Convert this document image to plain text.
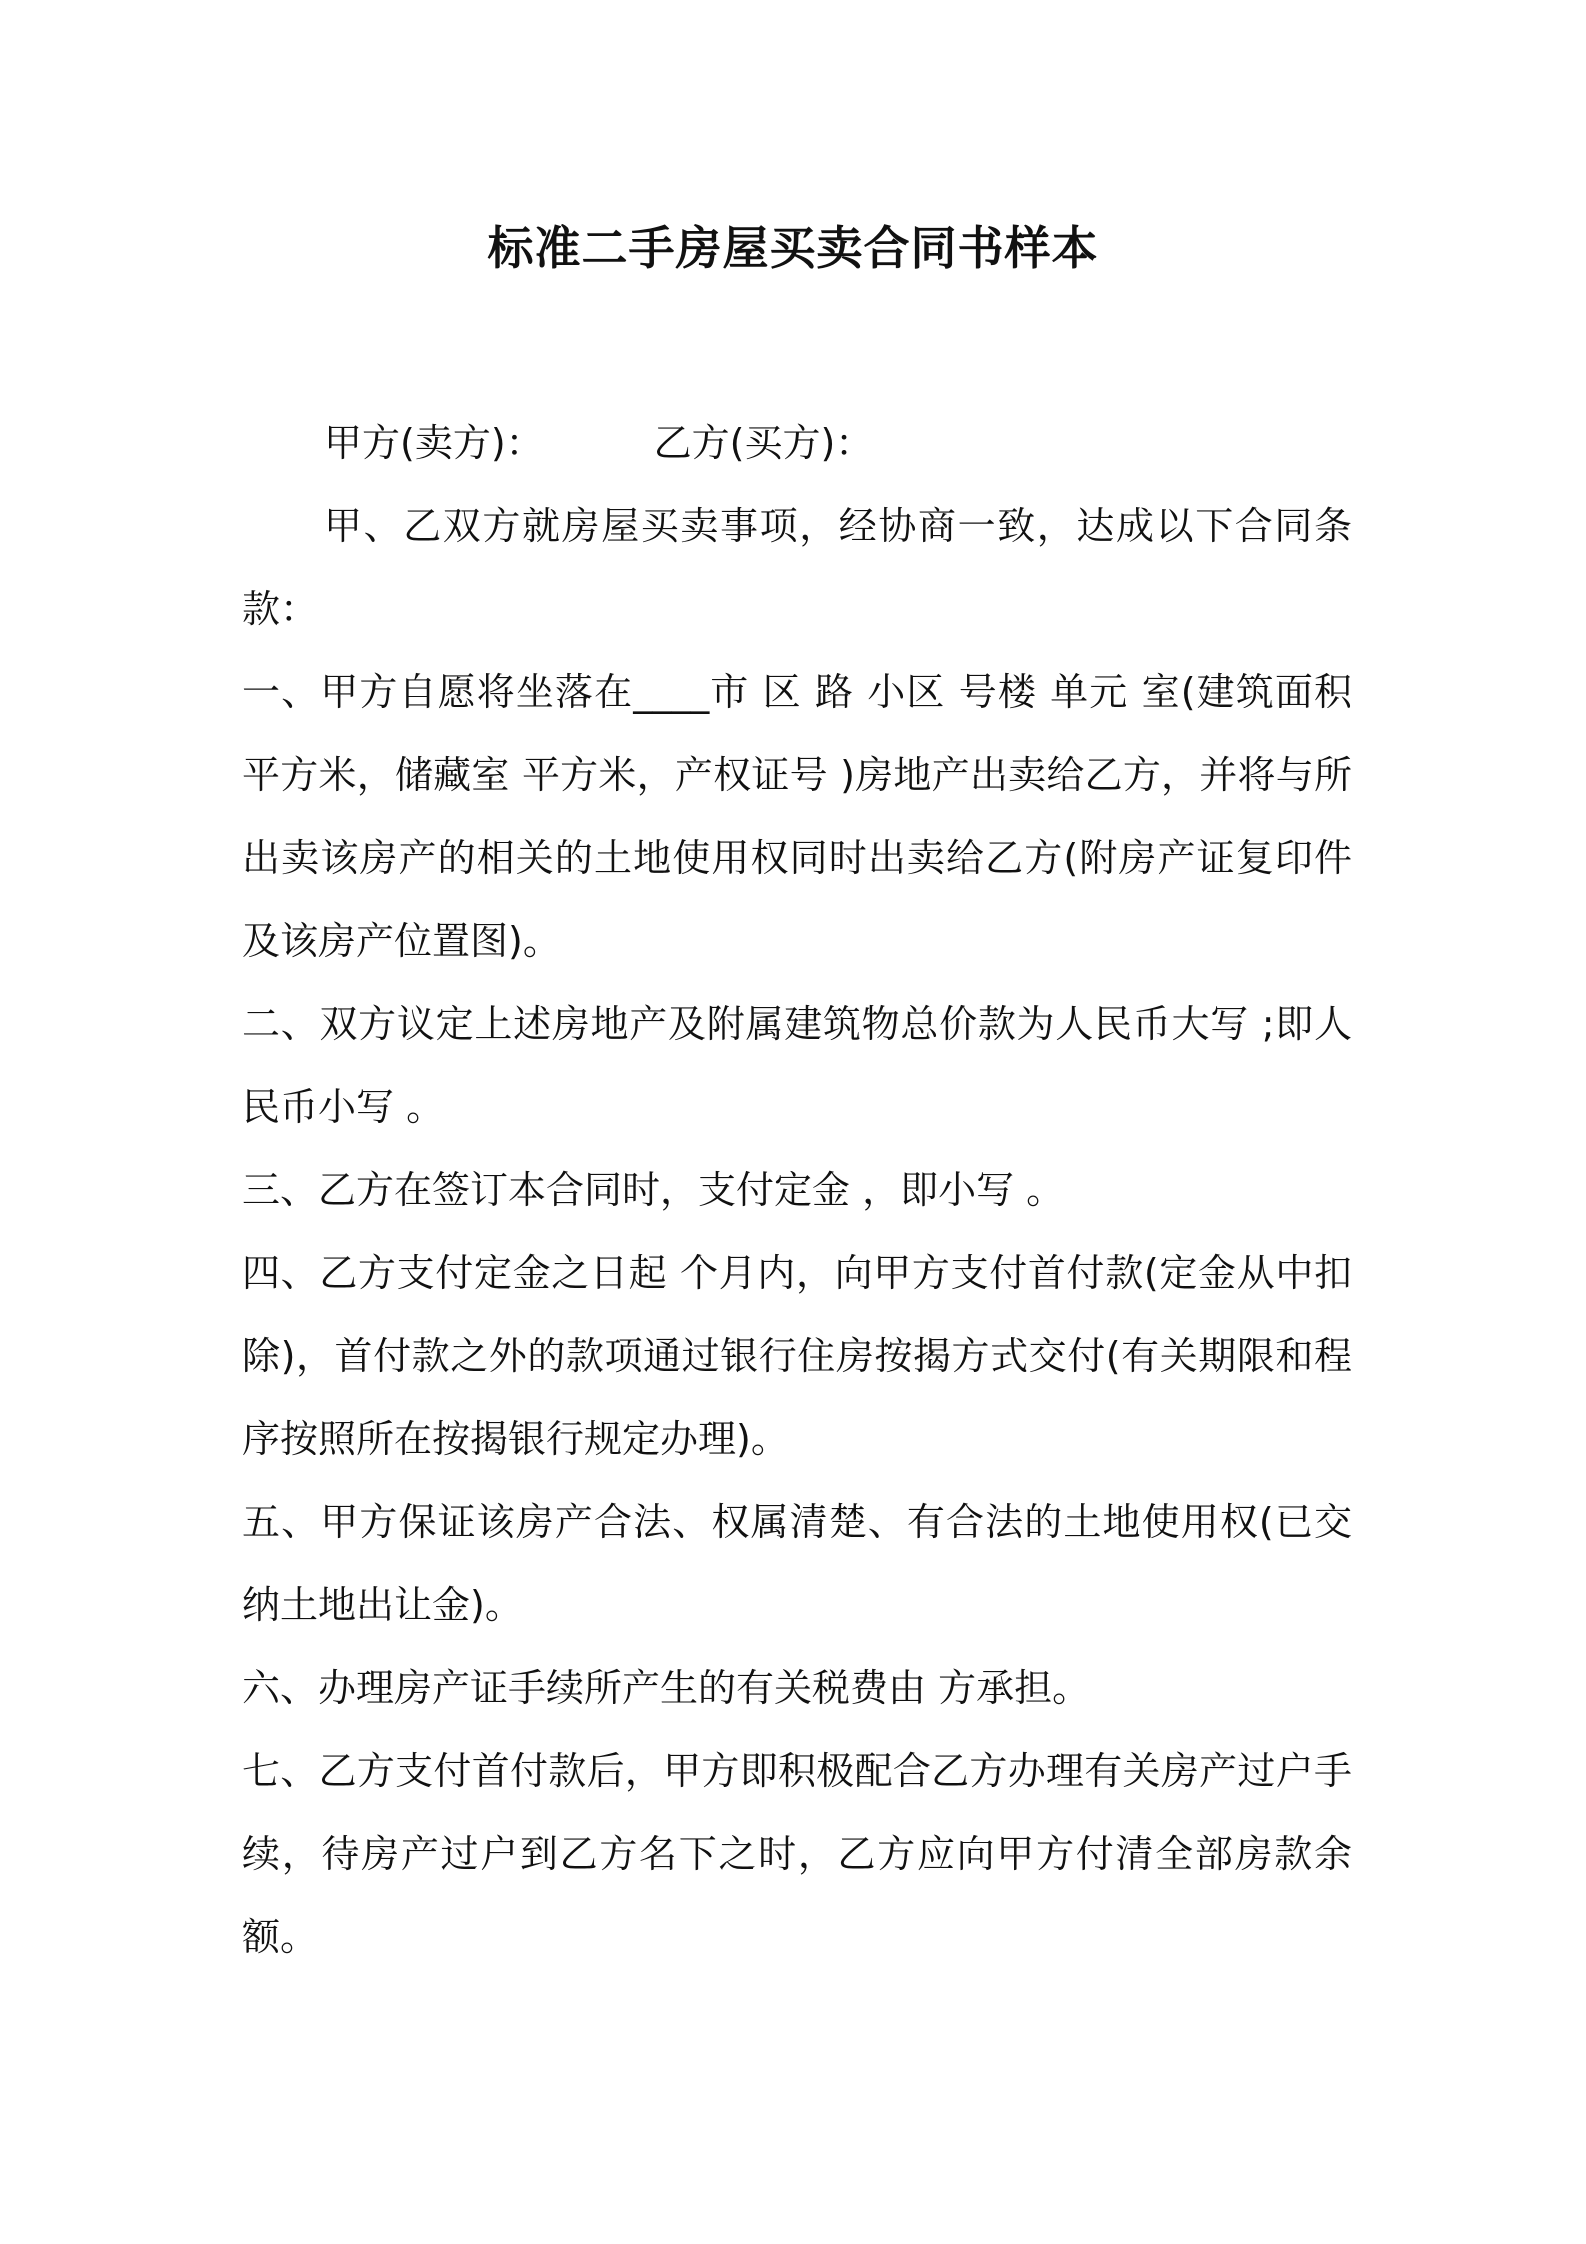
标准二手房屋买卖合同书样本
甲方(卖方)：	乙方(买方)：

甲、乙双方就房屋买卖事项，经协商一致，达成以下合同条款：

一、甲方自愿将坐落在____市 区 路 小区 号楼 单元 室(建筑面积 平方米，储藏室 平方米，产权证号 )房地产出卖给乙方，并将与所出卖该房产的相关的土地使用权同时出卖给乙方(附房产证复印件及该房产位置图)。

二、双方议定上述房地产及附属建筑物总价款为人民币大写 ;即人民币小写 。

三、乙方在签订本合同时，支付定金 ，即小写 。

四、乙方支付定金之日起 个月内，向甲方支付首付款(定金从中扣除)，首付款之外的款项通过银行住房按揭方式交付(有关期限和程序按照所在按揭银行规定办理)。

五、甲方保证该房产合法、权属清楚、有合法的土地使用权(已交纳土地出让金)。

六、办理房产证手续所产生的有关税费由 方承担。

七、乙方支付首付款后，甲方即积极配合乙方办理有关房产过户手续，待房产过户到乙方名下之时，乙方应向甲方付清全部房款余额。
